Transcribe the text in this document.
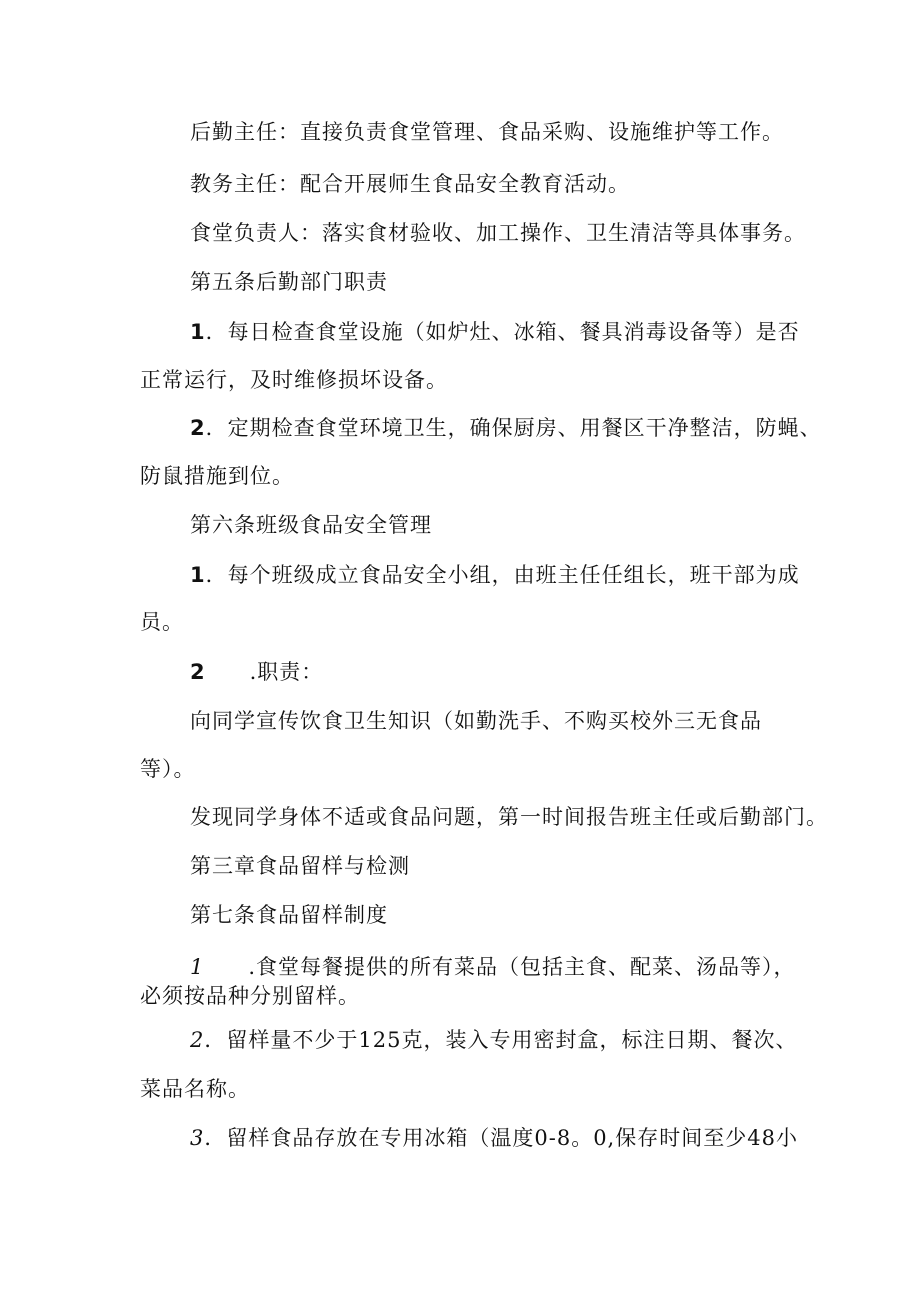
后勤主任：直接负责食堂管理、食品采购、设施维护等工作。
教务主任：配合开展师生食品安全教育活动。
食堂负责人：落实食材验收、加工操作、卫生清洁等具体事务。
第五条后勤部门职责
1．每日检查食堂设施（如炉灶、冰箱、餐具消毒设备等）是否
正常运行，及时维修损坏设备。
2．定期检查食堂环境卫生，确保厨房、用餐区干净整洁，防蝇、
防鼠措施到位。
第六条班级食品安全管理
1．每个班级成立食品安全小组，由班主任任组长，班干部为成
员。
2 .职责：
向同学宣传饮食卫生知识（如勤洗手、不购买校外三无食品
等）。
发现同学身体不适或食品问题，第一时间报告班主任或后勤部门。
第三章食品留样与检测
第七条食品留样制度
1 .食堂每餐提供的所有菜品（包括主食、配菜、汤品等），
必须按品种分别留样。
2．留样量不少于125克，装入专用密封盒，标注日期、餐次、
菜品名称。
3．留样食品存放在专用冰箱（温度0-8。0,保存时间至少48小
